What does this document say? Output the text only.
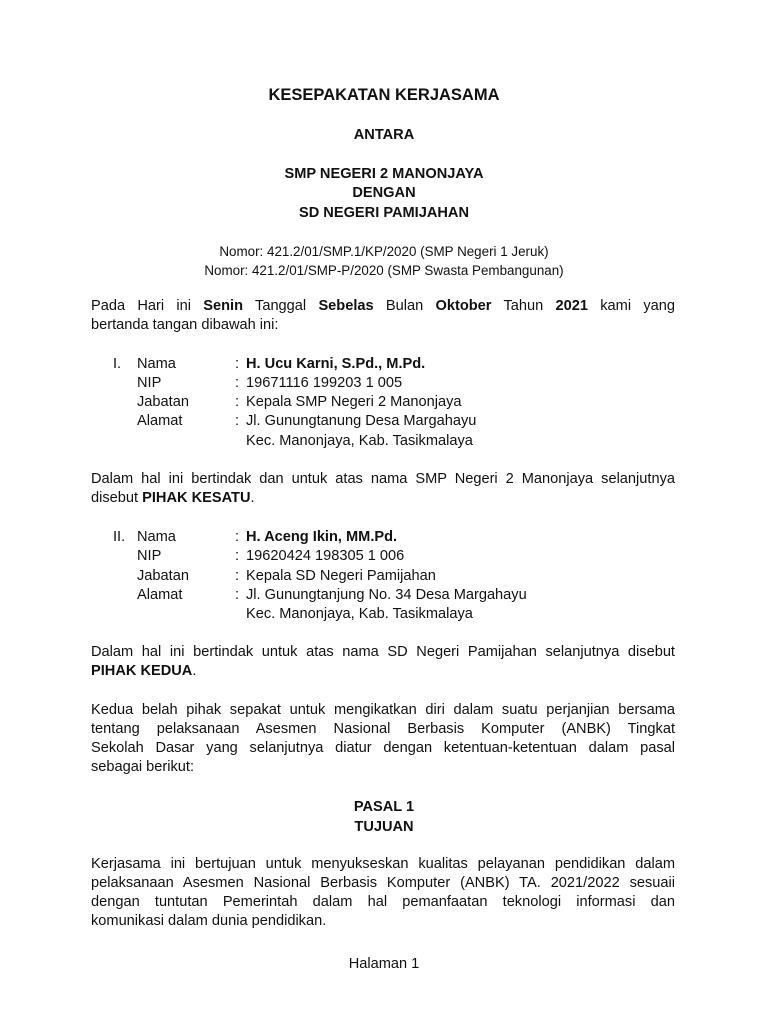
KESEPAKATAN KERJASAMA
ANTARA
SMP NEGERI 2 MANONJAYA
DENGAN
SD NEGERI PAMIJAHAN
Nomor: 421.2/01/SMP.1/KP/2020 (SMP Negeri 1 Jeruk)
Nomor: 421.2/01/SMP-P/2020 (SMP Swasta Pembangunan)
Pada Hari ini Senin Tanggal Sebelas Bulan Oktober Tahun 2021 kami yang
bertanda tangan dibawah ini:
I. Nama	: H. Ucu Karni, S.Pd., M.Pd.
NIP	: 19671116 199203 1 005
Jabatan	: Kepala SMP Negeri 2 Manonjaya
Alamat	: Jl. Gunungtanung Desa Margahayu
Kec. Manonjaya, Kab. Tasikmalaya
Dalam hal ini bertindak dan untuk atas nama SMP Negeri 2 Manonjaya selanjutnya
disebut PIHAK KESATU.
II. Nama	: H. Aceng Ikin, MM.Pd.
NIP	: 19620424 198305 1 006
Jabatan	: Kepala SD Negeri Pamijahan
Alamat	: Jl. Gunungtanjung No. 34 Desa Margahayu
Kec. Manonjaya, Kab. Tasikmalaya
Dalam hal ini bertindak untuk atas nama SD Negeri Pamijahan selanjutnya disebut
PIHAK KEDUA.
Kedua belah pihak sepakat untuk mengikatkan diri dalam suatu perjanjian bersama
tentang pelaksanaan Asesmen Nasional Berbasis Komputer (ANBK) Tingkat
Sekolah Dasar yang selanjutnya diatur dengan ketentuan-ketentuan dalam pasal
sebagai berikut:
PASAL 1
TUJUAN
Kerjasama ini bertujuan untuk menyukseskan kualitas pelayanan pendidikan dalam
pelaksanaan Asesmen Nasional Berbasis Komputer (ANBK) TA. 2021/2022 sesuaii
dengan tuntutan Pemerintah dalam hal pemanfaatan teknologi informasi dan
komunikasi dalam dunia pendidikan.
Halaman 1
